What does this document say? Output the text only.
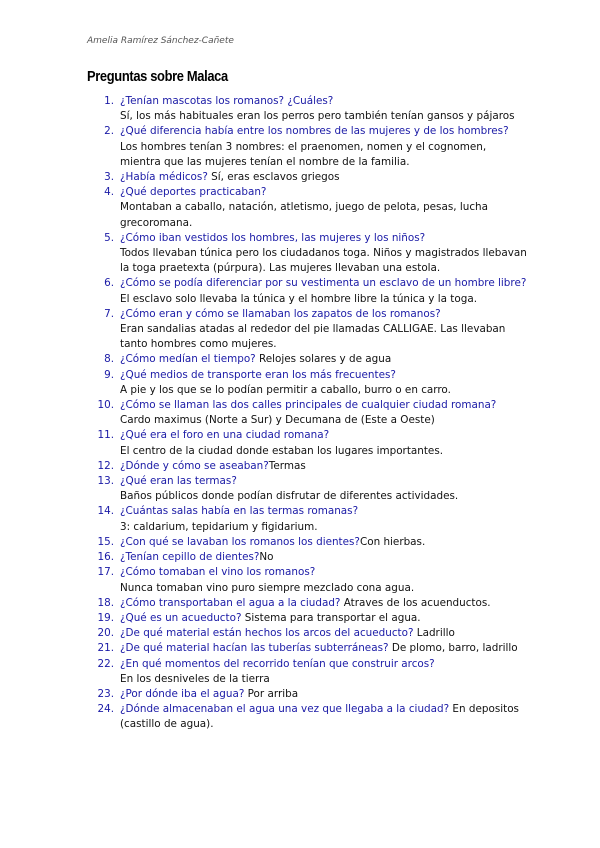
Amelia Ramírez Sánchez-Cañete
Preguntas sobre Malaca
1. ¿Tenían mascotas los romanos? ¿Cuáles?
Sí, los más habituales eran los perros pero también tenían gansos y pájaros
2. ¿Qué diferencia había entre los nombres de las mujeres y de los hombres?
Los hombres tenían 3 nombres: el praenomen, nomen y el cognomen, mientra que las mujeres tenían el nombre de la familia.
3. ¿Había médicos? Sí, eras esclavos griegos
4. ¿Qué deportes practicaban?
Montaban a caballo, natación, atletismo, juego de pelota, pesas, lucha grecoromana.
5. ¿Cómo iban vestidos los hombres, las mujeres y los niños?
Todos llevaban túnica pero los ciudadanos toga. Niños y magistrados llebavan la toga praetexta (púrpura). Las mujeres llevaban una estola.
6. ¿Cómo se podía diferenciar por su vestimenta un esclavo de un hombre libre?
El esclavo solo llevaba la túnica y el hombre libre la túnica y la toga.
7. ¿Cómo eran y cómo se llamaban los zapatos de los romanos?
Eran sandalias atadas al rededor del pie llamadas CALLIGAE. Las llevaban tanto hombres como mujeres.
8. ¿Cómo medían el tiempo? Relojes solares y de agua
9. ¿Qué medios de transporte eran los más frecuentes?
A pie y los que se lo podían permitir a caballo, burro o en carro.
10. ¿Cómo se llaman las dos calles principales de cualquier ciudad romana?
Cardo maximus (Norte a Sur) y Decumana de (Este a Oeste)
11. ¿Qué era el foro en una ciudad romana?
El centro de la ciudad donde estaban los lugares importantes.
12. ¿Dónde y cómo se aseaban?Termas
13. ¿Qué eran las termas?
Baños públicos donde podían disfrutar de diferentes actividades.
14. ¿Cuántas salas había en las termas romanas?
3: caldarium, tepidarium y figidarium.
15. ¿Con qué se lavaban los romanos los dientes?Con hierbas.
16. ¿Tenían cepillo de dientes?No
17. ¿Cómo tomaban el vino los romanos?
Nunca tomaban vino puro siempre mezclado cona agua.
18. ¿Cómo transportaban el agua a la ciudad? Atraves de los acuenductos.
19. ¿Qué es un acueducto? Sistema para transportar el agua.
20. ¿De qué material están hechos los arcos del acueducto? Ladrillo
21. ¿De qué material hacían las tuberías subterráneas? De plomo, barro, ladrillo
22. ¿En qué momentos del recorrido tenían que construir arcos?
En los desniveles de la tierra
23. ¿Por dónde iba el agua? Por arriba
24. ¿Dónde almacenaban el agua una vez que llegaba a la ciudad? En depositos (castillo de agua).
